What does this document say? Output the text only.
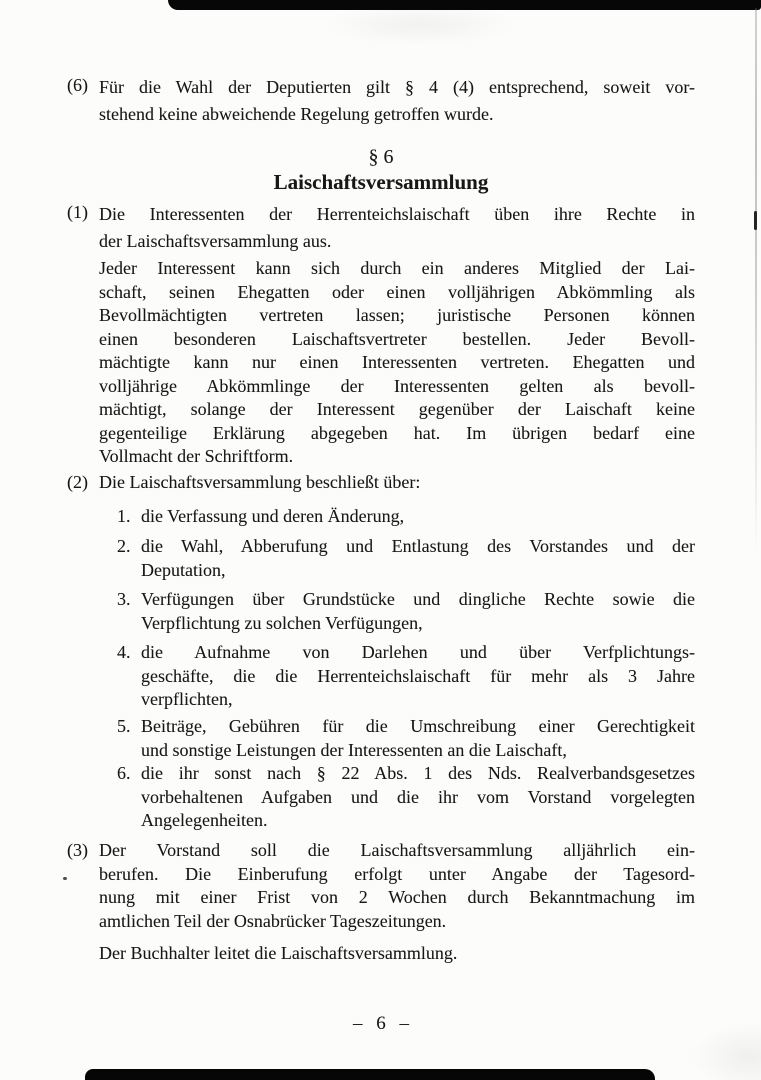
(6) Für die Wahl der Deputierten gilt § 4 (4) entsprechend, soweit vor-
stehend keine abweichende Regelung getroffen wurde.
§ 6
Laischaftsversammlung
(1) Die Interessenten der Herrenteichslaischaft üben ihre Rechte in
der Laischaftsversammlung aus.
Jeder Interessent kann sich durch ein anderes Mitglied der Lai-
schaft, seinen Ehegatten oder einen volljährigen Abkömmling als
Bevollmächtigten vertreten lassen; juristische Personen können
einen besonderen Laischaftsvertreter bestellen. Jeder Bevoll-
mächtigte kann nur einen Interessenten vertreten. Ehegatten und
volljährige Abkömmlinge der Interessenten gelten als bevoll-
mächtigt, solange der Interessent gegenüber der Laischaft keine
gegenteilige Erklärung abgegeben hat. Im übrigen bedarf eine
Vollmacht der Schriftform.
(2) Die Laischaftsversammlung beschließt über:
1. die Verfassung und deren Änderung,
2. die Wahl, Abberufung und Entlastung des Vorstandes und der
Deputation,
3. Verfügungen über Grundstücke und dingliche Rechte sowie die
Verpflichtung zu solchen Verfügungen,
4. die Aufnahme von Darlehen und über Verfplichtungs-
geschäfte, die die Herrenteichslaischaft für mehr als 3 Jahre
verpflichten,
5. Beiträge, Gebühren für die Umschreibung einer Gerechtigkeit
und sonstige Leistungen der Interessenten an die Laischaft,
6. die ihr sonst nach § 22 Abs. 1 des Nds. Realverbandsgesetzes
vorbehaltenen Aufgaben und die ihr vom Vorstand vorgelegten
Angelegenheiten.
(3) Der Vorstand soll die Laischaftsversammlung alljährlich ein-
berufen. Die Einberufung erfolgt unter Angabe der Tagesord-
nung mit einer Frist von 2 Wochen durch Bekanntmachung im
amtlichen Teil der Osnabrücker Tageszeitungen.
Der Buchhalter leitet die Laischaftsversammlung.
– 6 –
